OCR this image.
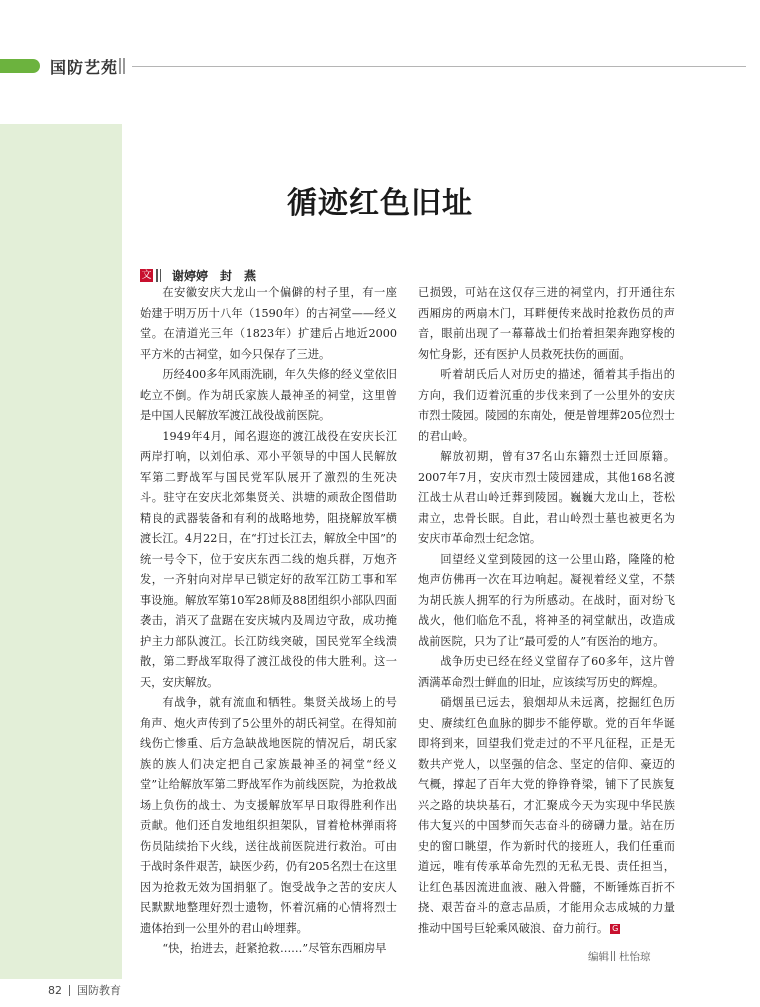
国防艺苑
循迹红色旧址
文 谢婷婷　封　燕

在安徽安庆大龙山一个偏僻的村子里，有一座始建于明万历十八年（1590年）的古祠堂——经义堂。在清道光三年（1823年）扩建后占地近2000平方米的古祠堂，如今只保存了三进。

历经400多年风雨洗刷，年久失修的经义堂依旧屹立不倒。作为胡氏家族人最神圣的祠堂，这里曾是中国人民解放军渡江战役战前医院。

1949年4月，闻名遐迩的渡江战役在安庆长江两岸打响，以刘伯承、邓小平领导的中国人民解放军第二野战军与国民党军队展开了激烈的生死决斗。驻守在安庆北郊集贤关、洪塘的顽敌企图借助精良的武器装备和有利的战略地势，阻挠解放军横渡长江。4月22日，在“打过长江去，解放全中国”的统一号令下，位于安庆东西二线的炮兵群，万炮齐发，一齐射向对岸早已锁定好的敌军江防工事和军事设施。解放军第10军28师及88团组织小部队四面袭击，消灭了盘踞在安庆城内及周边守敌，成功掩护主力部队渡江。长江防线突破，国民党军全线溃散，第二野战军取得了渡江战役的伟大胜利。这一天，安庆解放。

有战争，就有流血和牺牲。集贤关战场上的号角声、炮火声传到了5公里外的胡氏祠堂。在得知前线伤亡惨重、后方急缺战地医院的情况后，胡氏家族的族人们决定把自己家族最神圣的祠堂“经义堂”让给解放军第二野战军作为前线医院，为抢救战场上负伤的战士、为支援解放军早日取得胜利作出贡献。他们还自发地组织担架队，冒着枪林弹雨将伤员陆续抬下火线，送往战前医院进行救治。可由于战时条件艰苦，缺医少药，仍有205名烈士在这里因为抢救无效为国捐躯了。饱受战争之苦的安庆人民默默地整理好烈士遗物，怀着沉痛的心情将烈士遗体抬到一公里外的君山岭埋葬。

“快，抬进去，赶紧抢救……”尽管东西厢房早

已损毁，可站在这仅存三进的祠堂内，打开通往东西厢房的两扇木门，耳畔便传来战时抢救伤员的声音，眼前出现了一幕幕战士们抬着担架奔跑穿梭的匆忙身影，还有医护人员救死扶伤的画面。

听着胡氏后人对历史的描述，循着其手指出的方向，我们迈着沉重的步伐来到了一公里外的安庆市烈士陵园。陵园的东南处，便是曾埋葬205位烈士的君山岭。

解放初期，曾有37名山东籍烈士迁回原籍。2007年7月，安庆市烈士陵园建成，其他168名渡江战士从君山岭迁葬到陵园。巍巍大龙山上，苍松肃立，忠骨长眠。自此，君山岭烈士墓也被更名为安庆市革命烈士纪念馆。

回望经义堂到陵园的这一公里山路，隆隆的枪炮声仿佛再一次在耳边响起。凝视着经义堂，不禁为胡氏族人拥军的行为所感动。在战时，面对纷飞战火，他们临危不乱，将神圣的祠堂献出，改造成战前医院，只为了让“最可爱的人”有医治的地方。

战争历史已经在经义堂留存了60多年，这片曾洒满革命烈士鲜血的旧址，应该续写历史的辉煌。

硝烟虽已远去，狼烟却从未远离，挖掘红色历史、赓续红色血脉的脚步不能停歇。党的百年华诞即将到来，回望我们党走过的不平凡征程，正是无数共产党人，以坚强的信念、坚定的信仰、豪迈的气概，撑起了百年大党的铮铮脊梁，铺下了民族复兴之路的块块基石，才汇聚成今天为实现中华民族伟大复兴的中国梦而矢志奋斗的磅礴力量。站在历史的窗口眺望，作为新时代的接班人，我们任重而道远，唯有传承革命先烈的无私无畏、责任担当，让红色基因流进血液、融入骨髓，不断锤炼百折不挠、艰苦奋斗的意志品质，才能用众志成城的力量推动中国号巨轮乘风破浪、奋力前行。 G

编辑 杜怡琼
82 国防教育
